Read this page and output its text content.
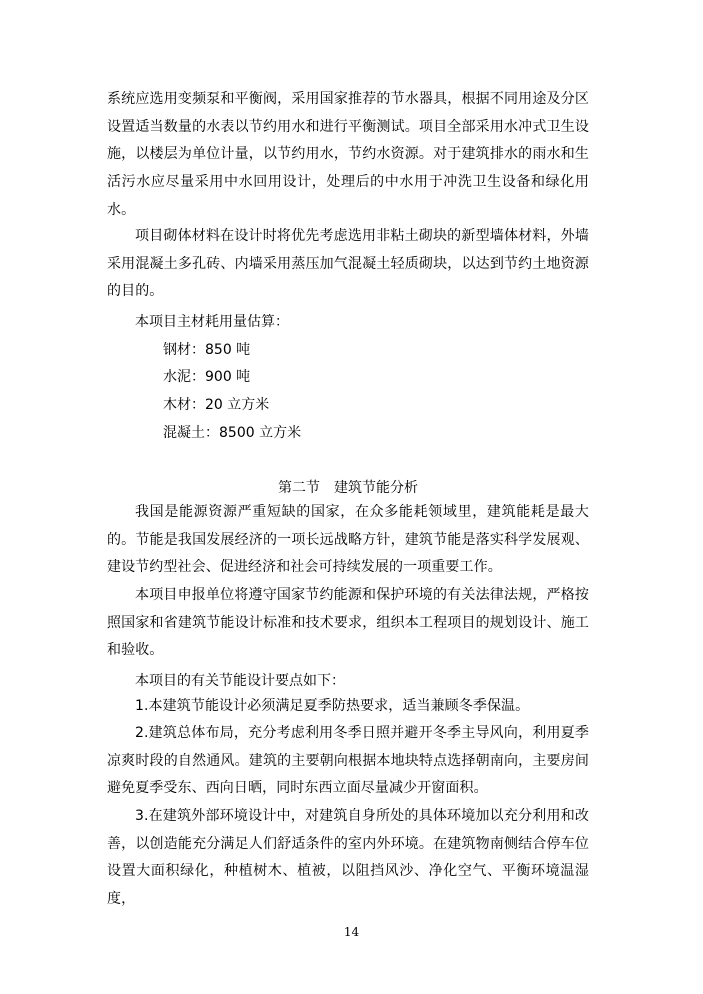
系统应选用变频泵和平衡阀，采用国家推荐的节水器具，根据不同用途及分区设置适当数量的水表以节约用水和进行平衡测试。项目全部采用水冲式卫生设施，以楼层为单位计量，以节约用水，节约水资源。对于建筑排水的雨水和生活污水应尽量采用中水回用设计，处理后的中水用于冲洗卫生设备和绿化用水。

项目砌体材料在设计时将优先考虑选用非粘土砌块的新型墙体材料，外墙采用混凝土多孔砖、内墙采用蒸压加气混凝土轻质砌块，以达到节约土地资源的目的。

本项目主材耗用量估算：

钢材：850 吨

水泥：900 吨

木材：20 立方米

混凝土：8500 立方米

第二节　建筑节能分析

我国是能源资源严重短缺的国家，在众多能耗领域里，建筑能耗是最大的。节能是我国发展经济的一项长远战略方针，建筑节能是落实科学发展观、建设节约型社会、促进经济和社会可持续发展的一项重要工作。

本项目申报单位将遵守国家节约能源和保护环境的有关法律法规，严格按照国家和省建筑节能设计标准和技术要求，组织本工程项目的规划设计、施工和验收。

本项目的有关节能设计要点如下：

1.本建筑节能设计必须满足夏季防热要求，适当兼顾冬季保温。

2.建筑总体布局，充分考虑利用冬季日照并避开冬季主导风向，利用夏季凉爽时段的自然通风。建筑的主要朝向根据本地块特点选择朝南向，主要房间避免夏季受东、西向日晒，同时东西立面尽量减少开窗面积。

3.在建筑外部环境设计中，对建筑自身所处的具体环境加以充分利用和改善，以创造能充分满足人们舒适条件的室内外环境。在建筑物南侧结合停车位设置大面积绿化，种植树木、植被，以阻挡风沙、净化空气、平衡环境温湿度，

14
